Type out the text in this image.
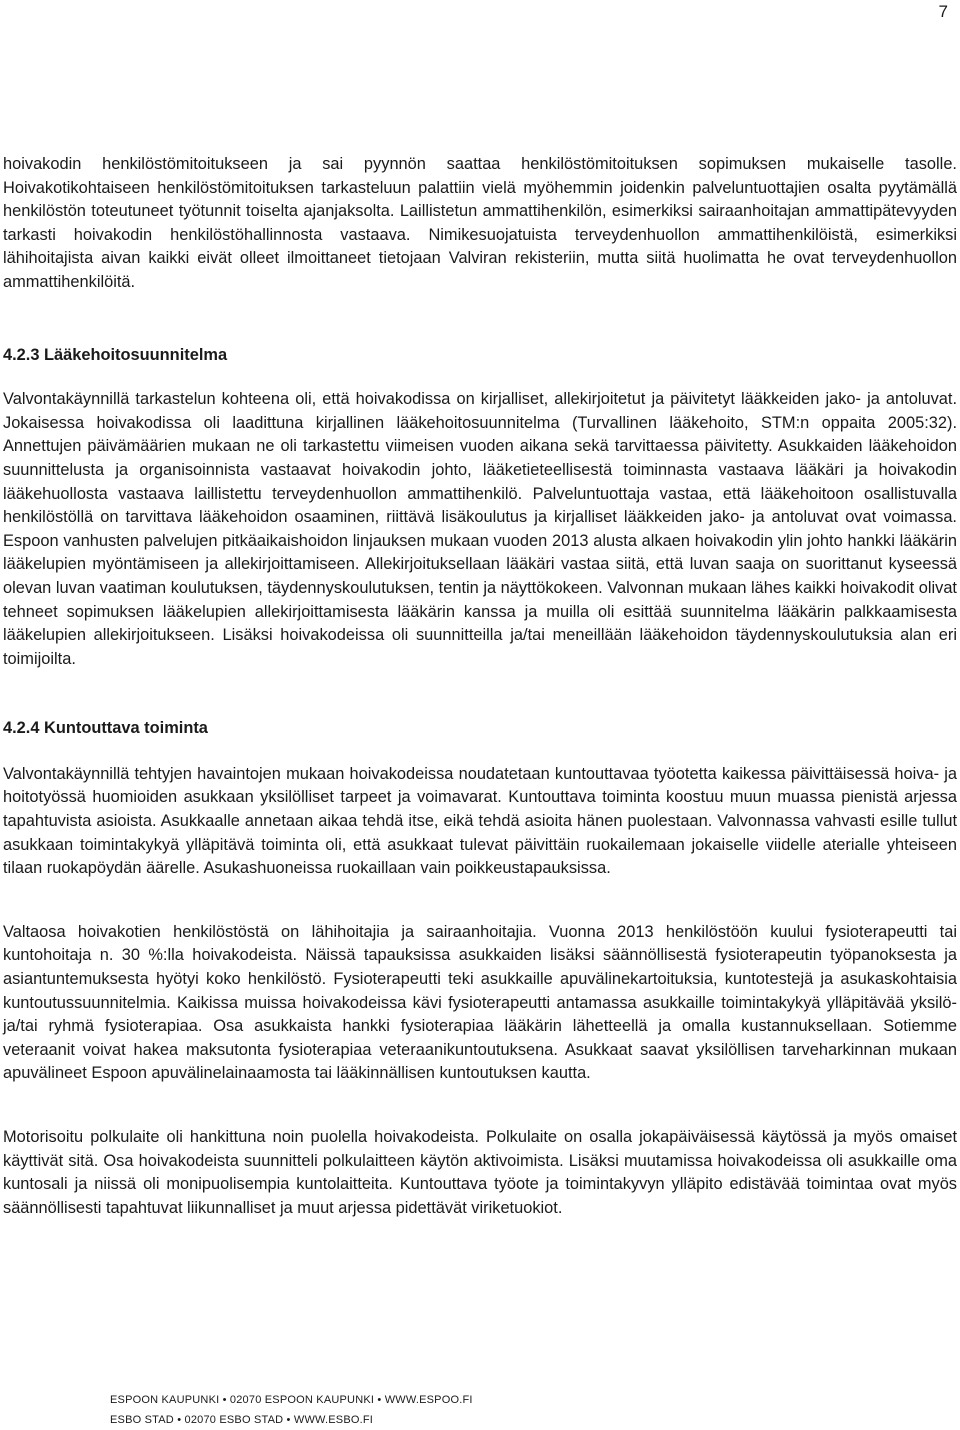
7

hoivakodin henkilöstömitoitukseen ja sai pyynnön saattaa henkilöstömitoituksen sopimuksen mukaiselle tasolle. Hoivakotikohtaiseen henkilöstömitoituksen tarkasteluun palattiin vielä myöhemmin joidenkin palveluntuottajien osalta pyytämällä henkilöstön toteutuneet työtunnit toiselta ajanjaksolta. Laillistetun ammattihenkilön, esimerkiksi sairaanhoitajan ammattipätevyyden tarkasti hoivakodin henkilöstöhallinnosta vastaava. Nimikesuojatuista terveydenhuollon ammattihenkilöistä, esimerkiksi lähihoitajista aivan kaikki eivät olleet ilmoittaneet tietojaan Valviran rekisteriin, mutta siitä huolimatta he ovat terveydenhuollon ammattihenkilöitä.

4.2.3 Lääkehoitosuunnitelma

Valvontakäynnillä tarkastelun kohteena oli, että hoivakodissa on kirjalliset, allekirjoitetut ja päivitetyt lääkkeiden jako- ja antoluvat. Jokaisessa hoivakodissa oli laadittuna kirjallinen lääkehoitosuunnitelma (Turvallinen lääkehoito, STM:n oppaita 2005:32). Annettujen päivämäärien mukaan ne oli tarkastettu viimeisen vuoden aikana sekä tarvittaessa päivitetty. Asukkaiden lääkehoidon suunnittelusta ja organisoinnista vastaavat hoivakodin johto, lääketieteellisestä toiminnasta vastaava lääkäri ja hoivakodin lääkehuollosta vastaava laillistettu terveydenhuollon ammattihenkilö. Palveluntuottaja vastaa, että lääkehoitoon osallistuvalla henkilöstöllä on tarvittava lääkehoidon osaaminen, riittävä lisäkoulutus ja kirjalliset lääkkeiden jako- ja antoluvat ovat voimassa. Espoon vanhusten palvelujen pitkäaikaishoidon linjauksen mukaan vuoden 2013 alusta alkaen hoivakodin ylin johto hankki lääkärin lääkelupien myöntämiseen ja allekirjoittamiseen. Allekirjoituksellaan lääkäri vastaa siitä, että luvan saaja on suorittanut kyseessä olevan luvan vaatiman koulutuksen, täydennyskoulutuksen, tentin ja näyttökokeen. Valvonnan mukaan lähes kaikki hoivakodit olivat tehneet sopimuksen lääkelupien allekirjoittamisesta lääkärin kanssa ja muilla oli esittää suunnitelma lääkärin palkkaamisesta lääkelupien allekirjoitukseen. Lisäksi hoivakodeissa oli suunnitteilla ja/tai meneillään lääkehoidon täydennyskoulutuksia alan eri toimijoilta.

4.2.4 Kuntouttava toiminta

Valvontakäynnillä tehtyjen havaintojen mukaan hoivakodeissa noudatetaan kuntouttavaa työotetta kaikessa päivittäisessä hoiva- ja hoitotyössä huomioiden asukkaan yksilölliset tarpeet ja voimavarat. Kuntouttava toiminta koostuu muun muassa pienistä arjessa tapahtuvista asioista. Asukkaalle annetaan aikaa tehdä itse, eikä tehdä asioita hänen puolestaan. Valvonnassa vahvasti esille tullut asukkaan toimintakykyä ylläpitävä toiminta oli, että asukkaat tulevat päivittäin ruokailemaan jokaiselle viidelle aterialle yhteiseen tilaan ruokapöydän äärelle. Asukashuoneissa ruokaillaan vain poikkeustapauksissa.

Valtaosa hoivakotien henkilöstöstä on lähihoitajia ja sairaanhoitajia. Vuonna 2013 henkilöstöön kuului fysioterapeutti tai kuntohoitaja n. 30 %:lla hoivakodeista. Näissä tapauksissa asukkaiden lisäksi säännöllisestä fysioterapeutin työpanoksesta ja asiantuntemuksesta hyötyi koko henkilöstö. Fysioterapeutti teki asukkaille apuvälinekartoituksia, kuntotestejä ja asukaskohtaisia kuntoutussuunnitelmia. Kaikissa muissa hoivakodeissa kävi fysioterapeutti antamassa asukkaille toimintakykyä ylläpitävää yksilö- ja/tai ryhmä fysioterapiaa. Osa asukkaista hankki fysioterapiaa lääkärin lähetteellä ja omalla kustannuksellaan. Sotiemme veteraanit voivat hakea maksutonta fysioterapiaa veteraanikuntoutuksena. Asukkaat saavat yksilöllisen tarveharkinnan mukaan apuvälineet Espoon apuvälinelainaamosta tai lääkinnällisen kuntoutuksen kautta.

Motorisoitu polkulaite oli hankittuna noin puolella hoivakodeista. Polkulaite on osalla jokapäiväisessä käytössä ja myös omaiset käyttivät sitä. Osa hoivakodeista suunnitteli polkulaitteen käytön aktivoimista. Lisäksi muutamissa hoivakodeissa oli asukkaille oma kuntosali ja niissä oli monipuolisempia kuntolaitteita. Kuntouttava työote ja toimintakyvyn ylläpito edistävää toimintaa ovat myös säännöllisesti tapahtuvat liikunnalliset ja muut arjessa pidettävät viriketuokiot.

ESPOON KAUPUNKI • 02070 ESPOON KAUPUNKI • WWW.ESPOO.FI
ESBO STAD • 02070 ESBO STAD • WWW.ESBO.FI
